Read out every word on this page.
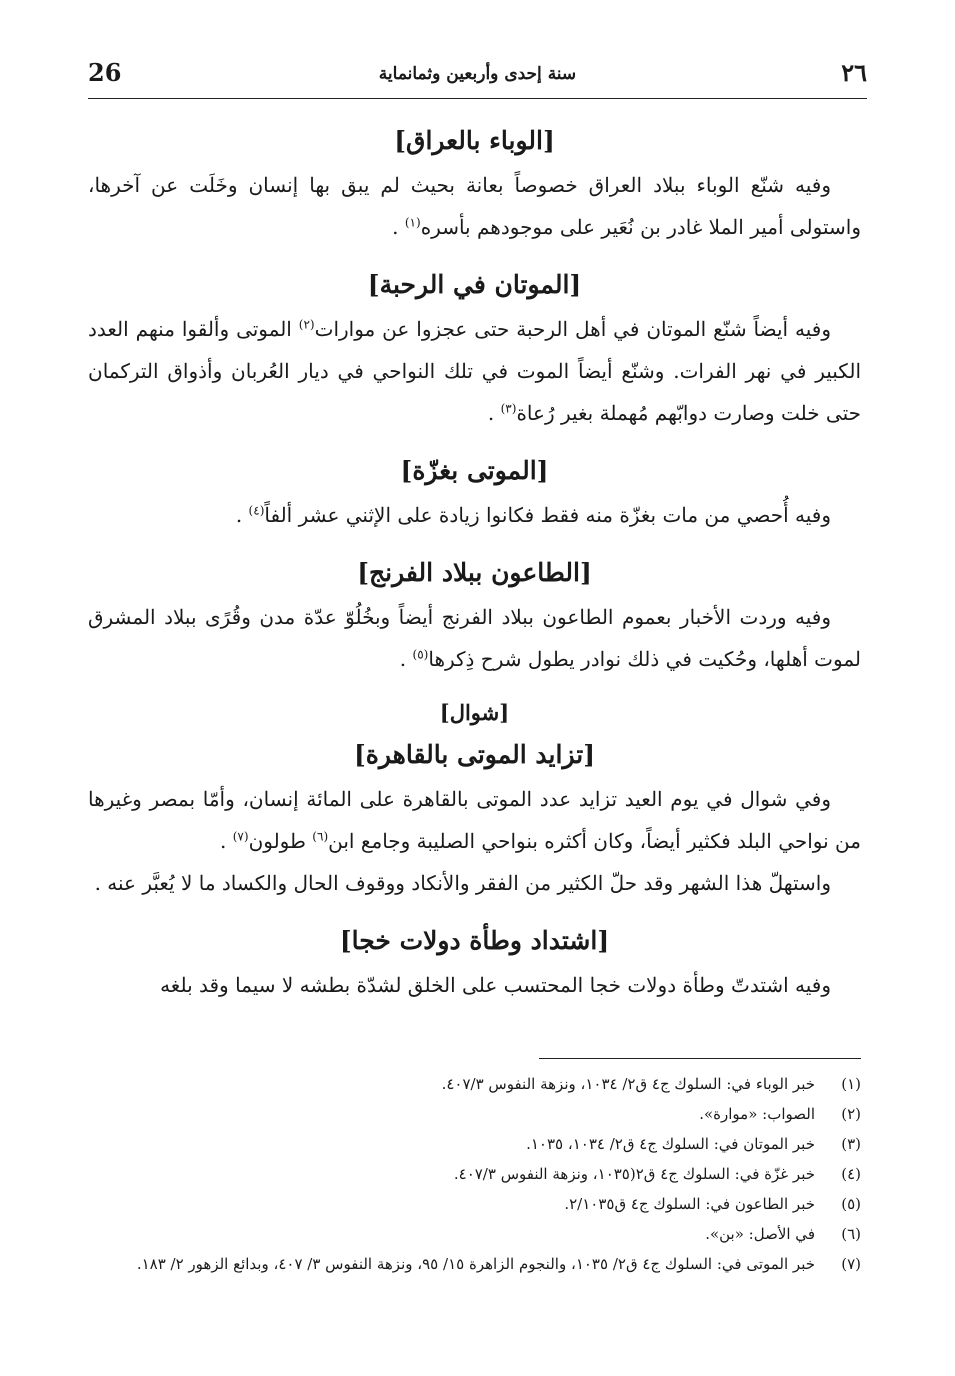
26	سنة إحدى وأربعين وثمانماية	٢٦
[الوباء بالعراق]

وفيه شنّع الوباء ببلاد العراق خصوصاً بعانة بحيث لم يبق بها إنسان وخَلَت عن آخرها، واستولى أمير الملا غادر بن نُعَير على موجودهم بأسره$^{(١)}$ .

[الموتان في الرحبة]

وفيه أيضاً شنّع الموتان في أهل الرحبة حتى عجزوا عن موارات$^{(٢)}$ الموتى وألقوا منهم العدد الكبير في نهر الفرات. وشنّع أيضاً الموت في تلك النواحي في ديار العُربان وأذواق التركمان حتى خلت وصارت دوابّهم مُهملة بغير رُعاة$^{(٣)}$ .

[الموتى بغزّة]

وفيه أُحصي من مات بغزّة منه فقط فكانوا زيادة على الإثني عشر ألفاً$^{(٤)}$ .

[الطاعون ببلاد الفرنج]

وفيه وردت الأخبار بعموم الطاعون ببلاد الفرنج أيضاً وبخُلُوّ عدّة مدن وقُرًى ببلاد المشرق لموت أهلها، وحُكيت في ذلك نوادر يطول شرح ذِكرها$^{(٥)}$ .

[شوال]
[تزايد الموتى بالقاهرة]

وفي شوال في يوم العيد تزايد عدد الموتى بالقاهرة على المائة إنسان، وأمّا بمصر وغيرها من نواحي البلد فكثير أيضاً، وكان أكثره بنواحي الصليبة وجامع ابن$^{(٦)}$ طولون$^{(٧)}$ .

واستهلّ هذا الشهر وقد حلّ الكثير من الفقر والأنكاد ووقوف الحال والكساد ما لا يُعبَّر عنه .

[اشتداد وطأة دولات خجا]

وفيه اشتدتّ وطأة دولات خجا المحتسب على الخلق لشدّة بطشه لا سيما وقد بلغه

(١)
خبر الوباء في: السلوك ج٤ ق٢/ ١٠٣٤، ونزهة النفوس ٤٠٧/٣.
(٢)
الصواب: «موارة».
(٣)
خبر الموتان في: السلوك ج٤ ق٢/ ١٠٣٤، ١٠٣٥.
(٤)
خبر غزّة في: السلوك ج٤ ق٢(١٠٣٥، ونزهة النفوس ٤٠٧/٣.
(٥)
خبر الطاعون في: السلوك ج٤ ق٢/١٠٣٥.
(٦)
في الأصل: «بن».
(٧)
خبر الموتى في: السلوك ج٤ ق٢/ ١٠٣٥، والنجوم الزاهرة ١٥/ ٩٥، ونزهة النفوس ٣/ ٤٠٧، وبدائع الزهور ٢/ ١٨٣.
